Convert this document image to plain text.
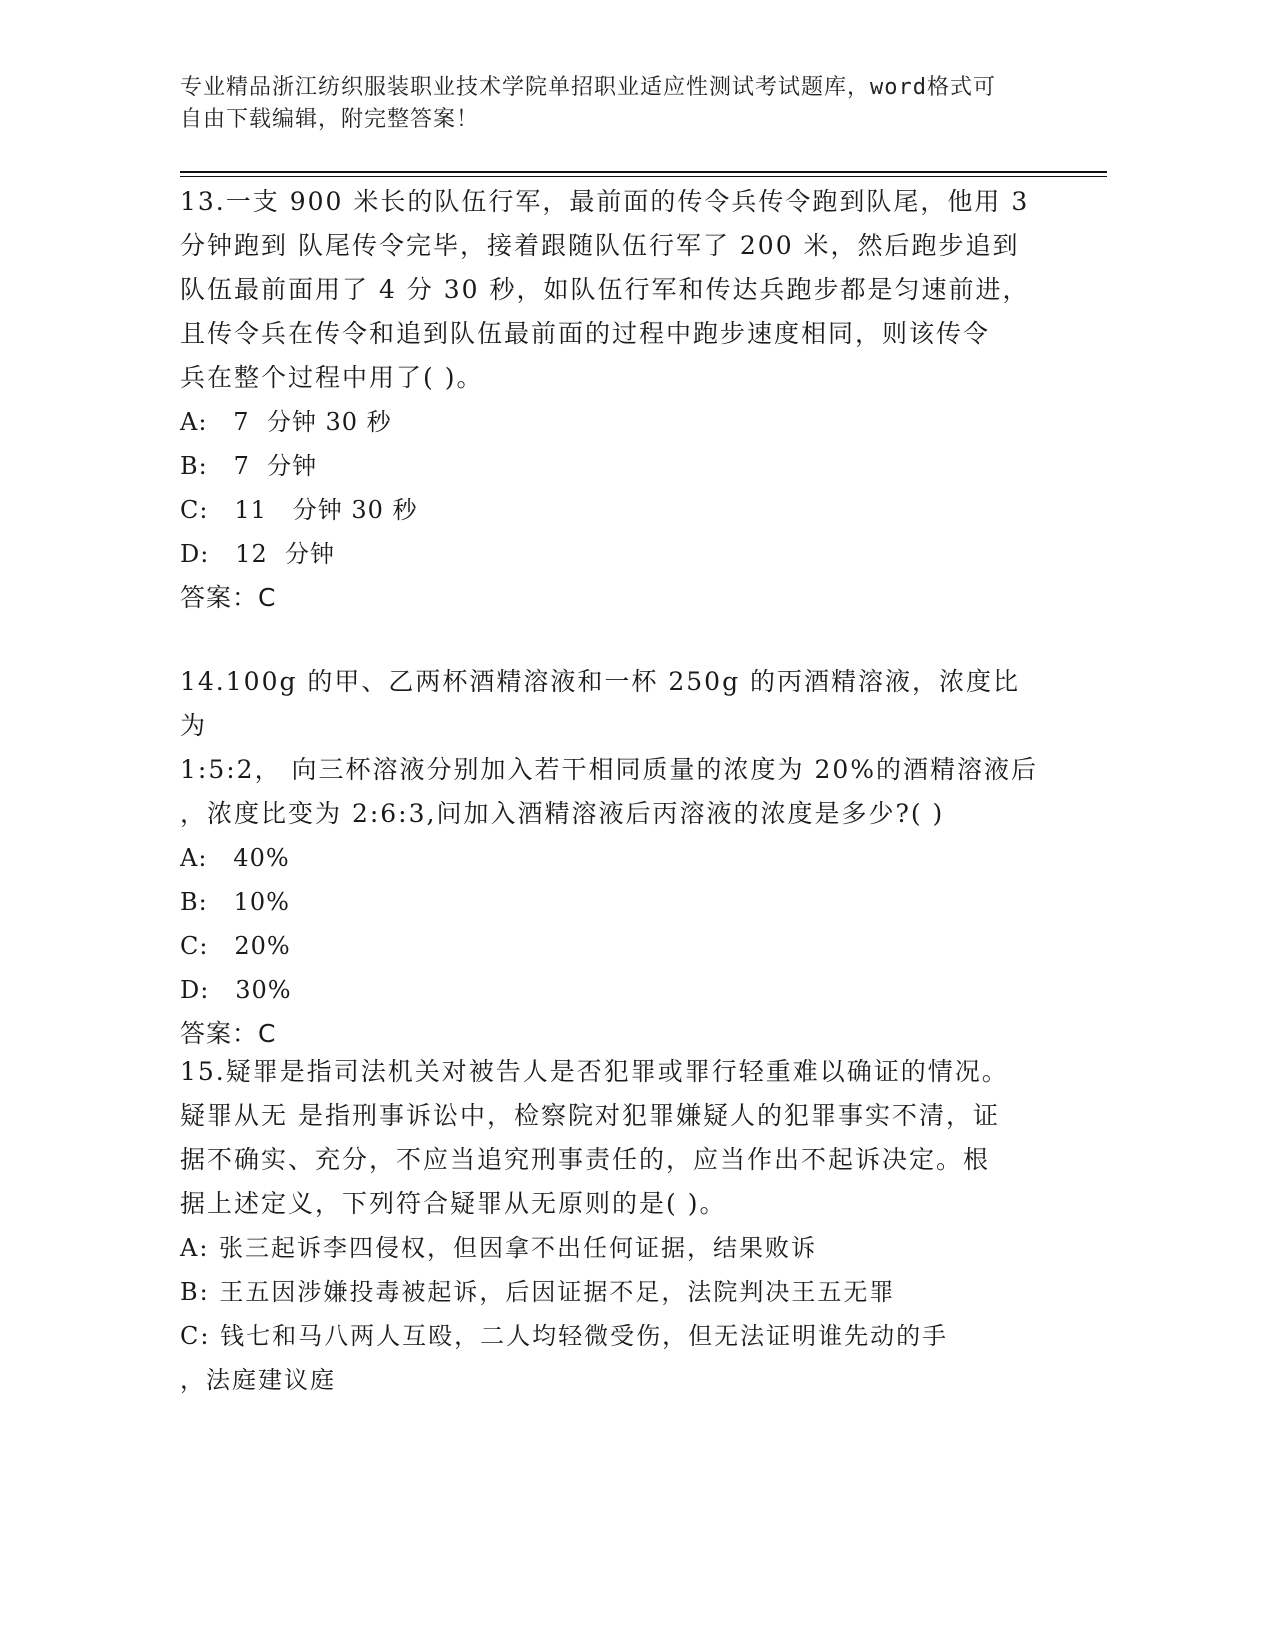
专业精品浙江纺织服装职业技术学院单招职业适应性测试考试题库，word格式可
自由下载编辑，附完整答案！

13.一支 900 米长的队伍行军，最前面的传令兵传令跑到队尾，他用 3

分钟跑到 队尾传令完毕，接着跟随队伍行军了 200 米，然后跑步追到

队伍最前面用了 4 分 30 秒，如队伍行军和传达兵跑步都是匀速前进，

且传令兵在传令和追到队伍最前面的过程中跑步速度相同，则该传令

兵在整个过程中用了( )。

A:   7  分钟 30 秒

B:   7  分钟

C:   11   分钟 30 秒

D:   12  分钟

答案：C

14.100g 的甲、乙两杯酒精溶液和一杯 250g 的丙酒精溶液，浓度比为

1:5:2， 向三杯溶液分别加入若干相同质量的浓度为 20%的酒精溶液后

，浓度比变为 2:6:3,问加入酒精溶液后丙溶液的浓度是多少?( )

A:   40%

B:   10%

C:   20%

D:   30%

答案：C

15.疑罪是指司法机关对被告人是否犯罪或罪行轻重难以确证的情况。

疑罪从无 是指刑事诉讼中，检察院对犯罪嫌疑人的犯罪事实不清，证

据不确实、充分，不应当追究刑事责任的，应当作出不起诉决定。根

据上述定义，下列符合疑罪从无原则的是( )。

A: 张三起诉李四侵权，但因拿不出任何证据，结果败诉

B: 王五因涉嫌投毒被起诉，后因证据不足，法院判决王五无罪

C: 钱七和马八两人互殴，二人均轻微受伤，但无法证明谁先动的手

，法庭建议庭
